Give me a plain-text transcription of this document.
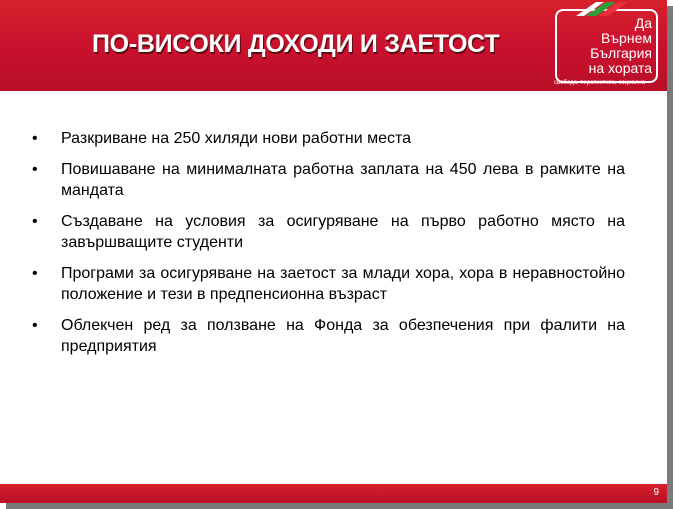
ПО-ВИСОКИ ДОХОДИ И ЗАЕТОСТ
Да
Върнем
България
на хората
свобода, перспектива, социална
• Разкриване на 250 хиляди нови работни места
• Повишаване на минималната работна заплата на 450 лева в рамките на мандата
• Създаване на условия за осигуряване на първо работно място на завършващите студенти
• Програми за осигуряване на заетост за млади хора, хора в неравностойно положение и тези в предпенсионна възраст
• Облекчен ред за ползване на Фонда за обезпечения при фалити на предприятия
9
